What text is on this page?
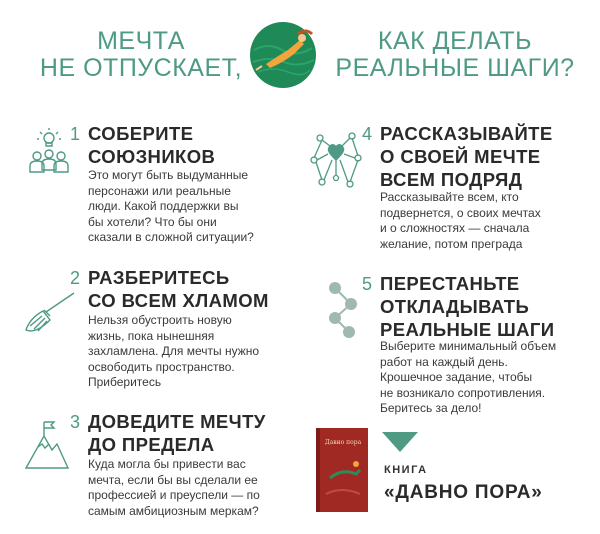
МЕЧТА
НЕ ОТПУСКАЕТ,
КАК ДЕЛАТЬ
РЕАЛЬНЫЕ ШАГИ?
1 СОБЕРИТЕ
СОЮЗНИКОВ
Это могут быть выдуманные
персонажи или реальные
люди. Какой поддержки вы
бы хотели? Что бы они
сказали в сложной ситуации?
2 РАЗБЕРИТЕСЬ
СО ВСЕМ ХЛАМОМ
Нельзя обустроить новую
жизнь, пока нынешняя
захламлена. Для мечты нужно
освободить пространство.
Приберитесь
3 ДОВЕДИТЕ МЕЧТУ
ДО ПРЕДЕЛА
Куда могла бы привести вас
мечта, если бы вы сделали ее
профессией и преуспели — по
самым амбициозным меркам?
4 РАССКАЗЫВАЙТЕ
О СВОЕЙ МЕЧТЕ
ВСЕМ ПОДРЯД
Рассказывайте всем, кто
подвернется, о своих мечтах
и о сложностях — сначала
желание, потом преграда
5 ПЕРЕСТАНЬТЕ
ОТКЛАДЫВАТЬ
РЕАЛЬНЫЕ ШАГИ
Выберите минимальный объем
работ на каждый день.
Крошечное задание, чтобы
не возникало сопротивления.
Беритесь за дело!
Давно пора
КНИГА
«ДАВНО ПОРА»
